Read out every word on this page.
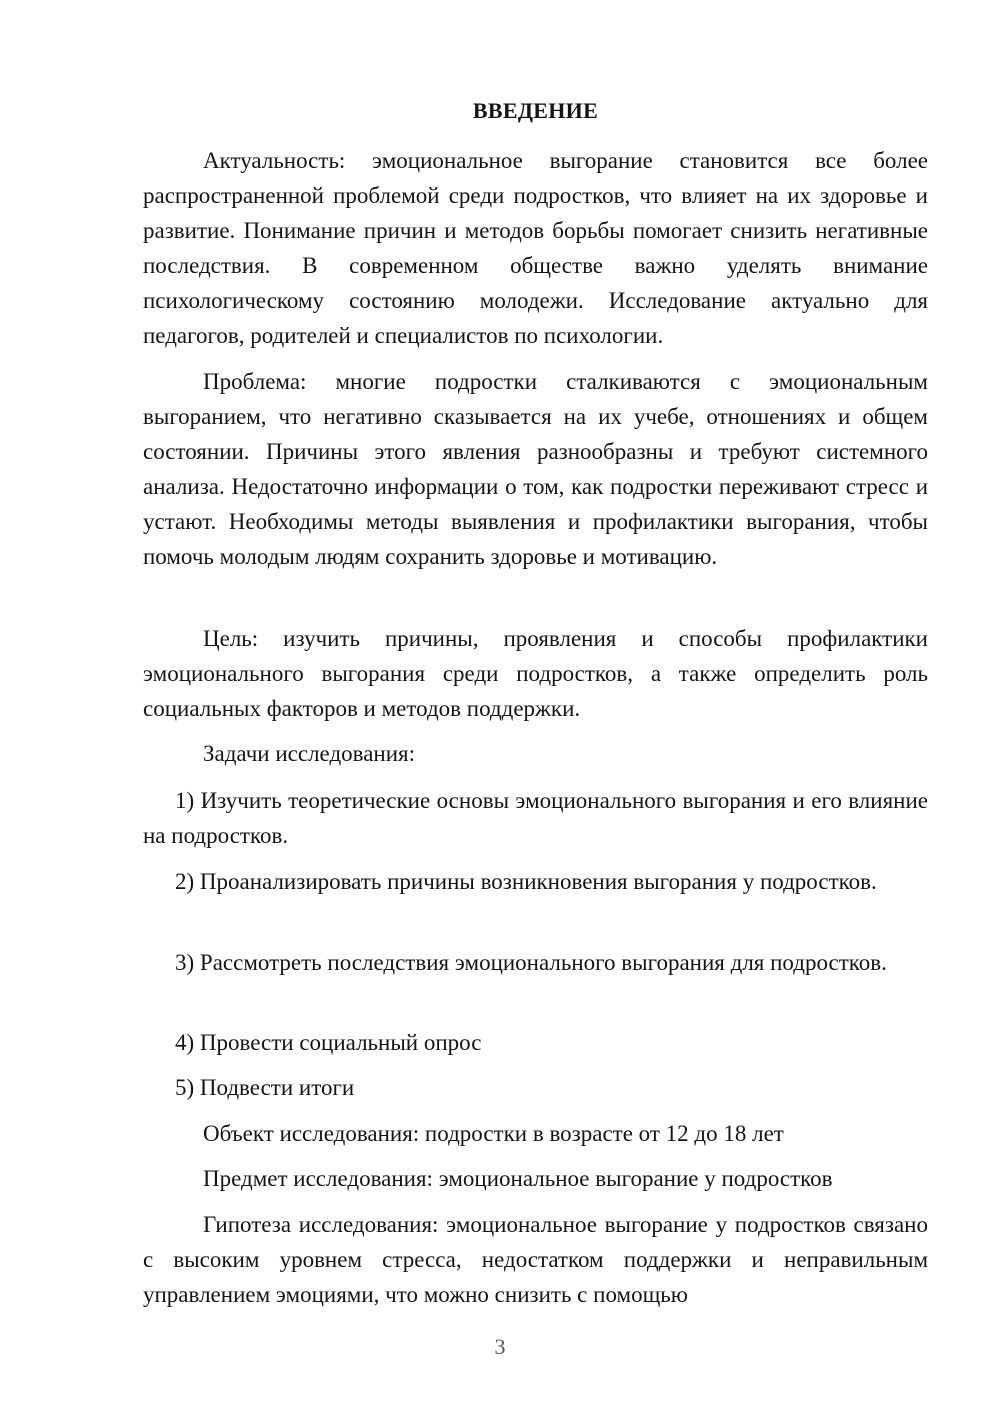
ВВЕДЕНИЕ

Актуальность: эмоциональное выгорание становится все более распространенной проблемой среди подростков, что влияет на их здоровье и развитие. Понимание причин и методов борьбы помогает снизить негативные последствия. В современном обществе важно уделять внимание психологическому состоянию молодежи. Исследование актуально для педагогов, родителей и специалистов по психологии.

Проблема: многие подростки сталкиваются с эмоциональным выгоранием, что негативно сказывается на их учебе, отношениях и общем состоянии. Причины этого явления разнообразны и требуют системного анализа. Недостаточно информации о том, как подростки переживают стресс и устают. Необходимы методы выявления и профилактики выгорания, чтобы помочь молодым людям сохранить здоровье и мотивацию.

Цель: изучить причины, проявления и способы профилактики эмоционального выгорания среди подростков, а также определить роль социальных факторов и методов поддержки.

Задачи исследования:

1) Изучить теоретические основы эмоционального выгорания и его влияние на подростков.

2) Проанализировать причины возникновения выгорания у подростков.

3) Рассмотреть последствия эмоционального выгорания для подростков.

4) Провести социальный опрос

5) Подвести итоги

Объект исследования: подростки в возрасте от 12 до 18 лет

Предмет исследования: эмоциональное выгорание у подростков

Гипотеза исследования: эмоциональное выгорание у подростков связано с высоким уровнем стресса, недостатком поддержки и неправильным управлением эмоциями, что можно снизить с помощью

3
